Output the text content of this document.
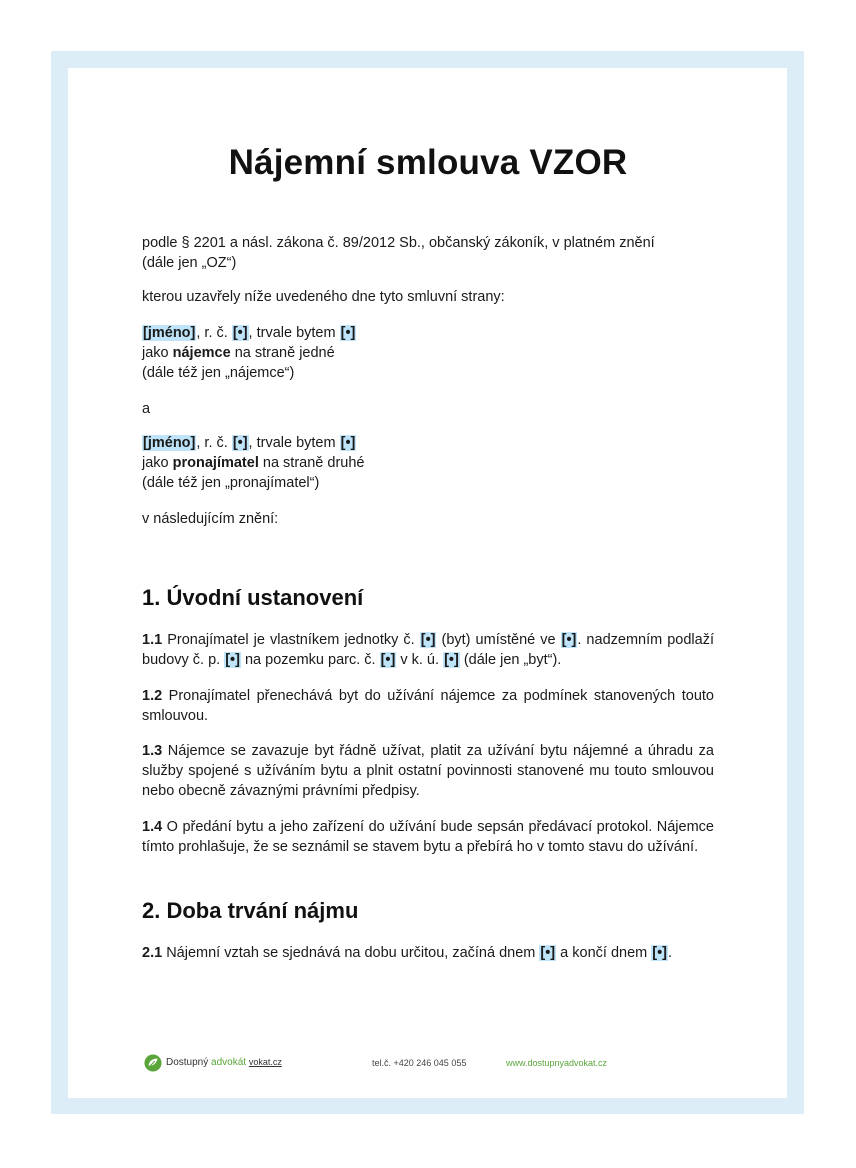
Nájemní smlouva VZOR

podle § 2201 a násl. zákona č. 89/2012 Sb., občanský zákoník, v platném znění
(dále jen „OZ“)

kterou uzavřely níže uvedeného dne tyto smluvní strany:

[jméno], r. č. [•], trvale bytem [•]
jako nájemce na straně jedné
(dále též jen „nájemce“)

a

[jméno], r. č. [•], trvale bytem [•]
jako pronajímatel na straně druhé
(dále též jen „pronajímatel“)

v následujícím znění:

1. Úvodní ustanovení

1.1 Pronajímatel je vlastníkem jednotky č. [•] (byt) umístěné ve [•]. nadzemním podlaží budovy č. p. [•] na pozemku parc. č. [•] v k. ú. [•] (dále jen „byt“).

1.2 Pronajímatel přenechává byt do užívání nájemce za podmínek stanovených touto smlouvou.

1.3 Nájemce se zavazuje byt řádně užívat, platit za užívání bytu nájemné a úhradu za služby spojené s užíváním bytu a plnit ostatní povinnosti stanovené mu touto smlouvou nebo obecně závaznými právními předpisy.

1.4 O předání bytu a jeho zařízení do užívání bude sepsán předávací protokol. Nájemce tímto prohlašuje, že se seznámil se stavem bytu a přebírá ho v tomto stavu do užívání.

2. Doba trvání nájmu

2.1 Nájemní vztah se sjednává na dobu určitou, začíná dnem [•] a končí dnem [•].

Dostupný advokát vokat.cz	tel.č. +420 246 045 055	www.dostupnyadvokat.cz
